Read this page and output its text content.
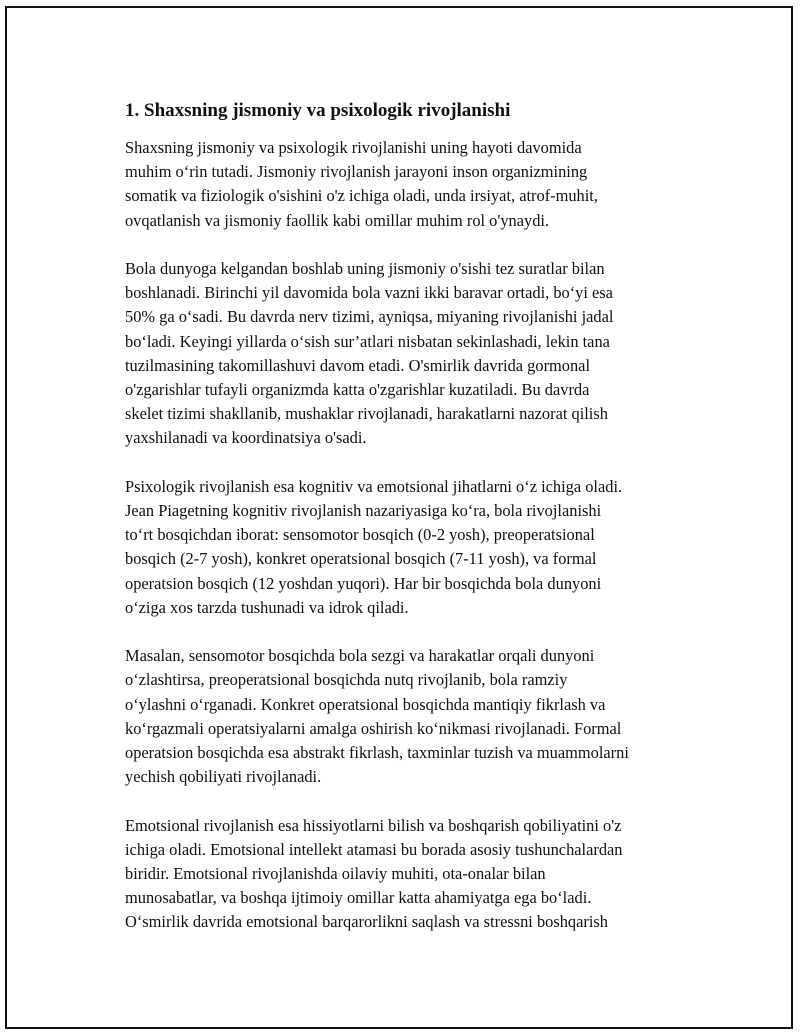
1. Shaxsning jismoniy va psixologik rivojlanishi

Shaxsning jismoniy va psixologik rivojlanishi uning hayoti davomida
muhim o‘rin tutadi. Jismoniy rivojlanish jarayoni inson organizmining
somatik va fiziologik o'sishini o'z ichiga oladi, unda irsiyat, atrof-muhit,
ovqatlanish va jismoniy faollik kabi omillar muhim rol o'ynaydi.

Bola dunyoga kelgandan boshlab uning jismoniy o'sishi tez suratlar bilan
boshlanadi. Birinchi yil davomida bola vazni ikki baravar ortadi, bo‘yi esa
50% ga o‘sadi. Bu davrda nerv tizimi, ayniqsa, miyaning rivojlanishi jadal
bo‘ladi. Keyingi yillarda o‘sish sur’atlari nisbatan sekinlashadi, lekin tana
tuzilmasining takomillashuvi davom etadi. O'smirlik davrida gormonal
o'zgarishlar tufayli organizmda katta o'zgarishlar kuzatiladi. Bu davrda
skelet tizimi shakllanib, mushaklar rivojlanadi, harakatlarni nazorat qilish
yaxshilanadi va koordinatsiya o'sadi.

Psixologik rivojlanish esa kognitiv va emotsional jihatlarni o‘z ichiga oladi.
Jean Piagetning kognitiv rivojlanish nazariyasiga ko‘ra, bola rivojlanishi
to‘rt bosqichdan iborat: sensomotor bosqich (0-2 yosh), preoperatsional
bosqich (2-7 yosh), konkret operatsional bosqich (7-11 yosh), va formal
operatsion bosqich (12 yoshdan yuqori). Har bir bosqichda bola dunyoni
o‘ziga xos tarzda tushunadi va idrok qiladi.

Masalan, sensomotor bosqichda bola sezgi va harakatlar orqali dunyoni
o‘zlashtirsa, preoperatsional bosqichda nutq rivojlanib, bola ramziy
o‘ylashni o‘rganadi. Konkret operatsional bosqichda mantiqiy fikrlash va
ko‘rgazmali operatsiyalarni amalga oshirish ko‘nikmasi rivojlanadi. Formal
operatsion bosqichda esa abstrakt fikrlash, taxminlar tuzish va muammolarni
yechish qobiliyati rivojlanadi.

Emotsional rivojlanish esa hissiyotlarni bilish va boshqarish qobiliyatini o'z
ichiga oladi. Emotsional intellekt atamasi bu borada asosiy tushunchalardan
biridir. Emotsional rivojlanishda oilaviy muhiti, ota-onalar bilan
munosabatlar, va boshqa ijtimoiy omillar katta ahamiyatga ega bo‘ladi.
O‘smirlik davrida emotsional barqarorlikni saqlash va stressni boshqarish
